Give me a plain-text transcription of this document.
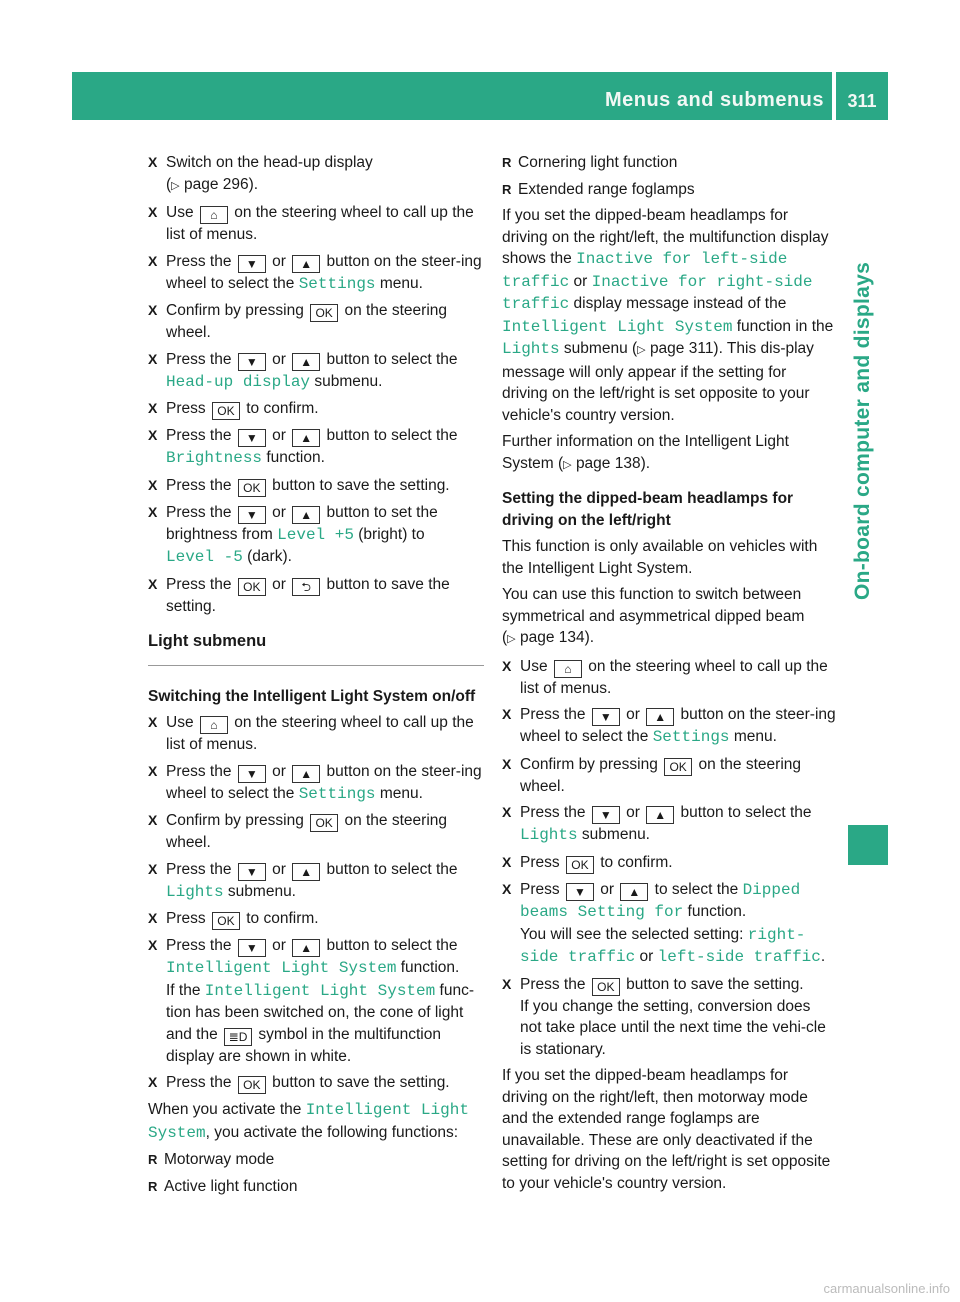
Menus and submenus	311
On-board computer and displays
X Switch on the head-up display
(▷ page 296).
X Use ⌂ on the steering wheel to call up the list of menus.
X Press the ▼ or ▲ button on the steer-ing wheel to select the Settings menu.
X Confirm by pressing OK on the steering wheel.
X Press the ▼ or ▲ button to select the
Head-up display submenu.
X Press OK to confirm.
X Press the ▼ or ▲ button to select the
Brightness function.
X Press the OK button to save the setting.
X Press the ▼ or ▲ button to set the brightness from Level +5 (bright) to
Level -5 (dark).
X Press the OK or ⮌ button to save the setting.
Light submenu
Switching the Intelligent Light System on/off
X Use ⌂ on the steering wheel to call up the list of menus.
X Press the ▼ or ▲ button on the steer-ing wheel to select the Settings menu.
X Confirm by pressing OK on the steering wheel.
X Press the ▼ or ▲ button to select the
Lights submenu.
X Press OK to confirm.
X Press the ▼ or ▲ button to select the
Intelligent Light System function.
If the Intelligent Light System func-tion has been switched on, the cone of light and the ≣D symbol in the multifunction display are shown in white.
X Press the OK button to save the setting.
When you activate the Intelligent Light System, you activate the following functions:
R Motorway mode
R Active light function
R Cornering light function
R Extended range foglamps
If you set the dipped-beam headlamps for driving on the right/left, the multifunction display shows the Inactive for left-side traffic or Inactive for right-side traffic display message instead of the Intelligent Light System function in the Lights submenu (▷ page 311). This dis-play message will only appear if the setting for driving on the left/right is set opposite to your vehicle's country version.
Further information on the Intelligent Light System (▷ page 138).
Setting the dipped-beam headlamps for driving on the left/right
This function is only available on vehicles with the Intelligent Light System.
You can use this function to switch between symmetrical and asymmetrical dipped beam (▷ page 134).
X Use ⌂ on the steering wheel to call up the list of menus.
X Press the ▼ or ▲ button on the steer-ing wheel to select the Settings menu.
X Confirm by pressing OK on the steering wheel.
X Press the ▼ or ▲ button to select the
Lights submenu.
X Press OK to confirm.
X Press ▼ or ▲ to select the Dipped beams Setting for function.
You will see the selected setting: right-side traffic or left-side traffic.
X Press the OK button to save the setting.
If you change the setting, conversion does not take place until the next time the vehi-cle is stationary.
If you set the dipped-beam headlamps for driving on the right/left, then motorway mode and the extended range foglamps are unavailable. These are only deactivated if the setting for driving on the left/right is set opposite to your vehicle's country version.
carmanualsonline.info
